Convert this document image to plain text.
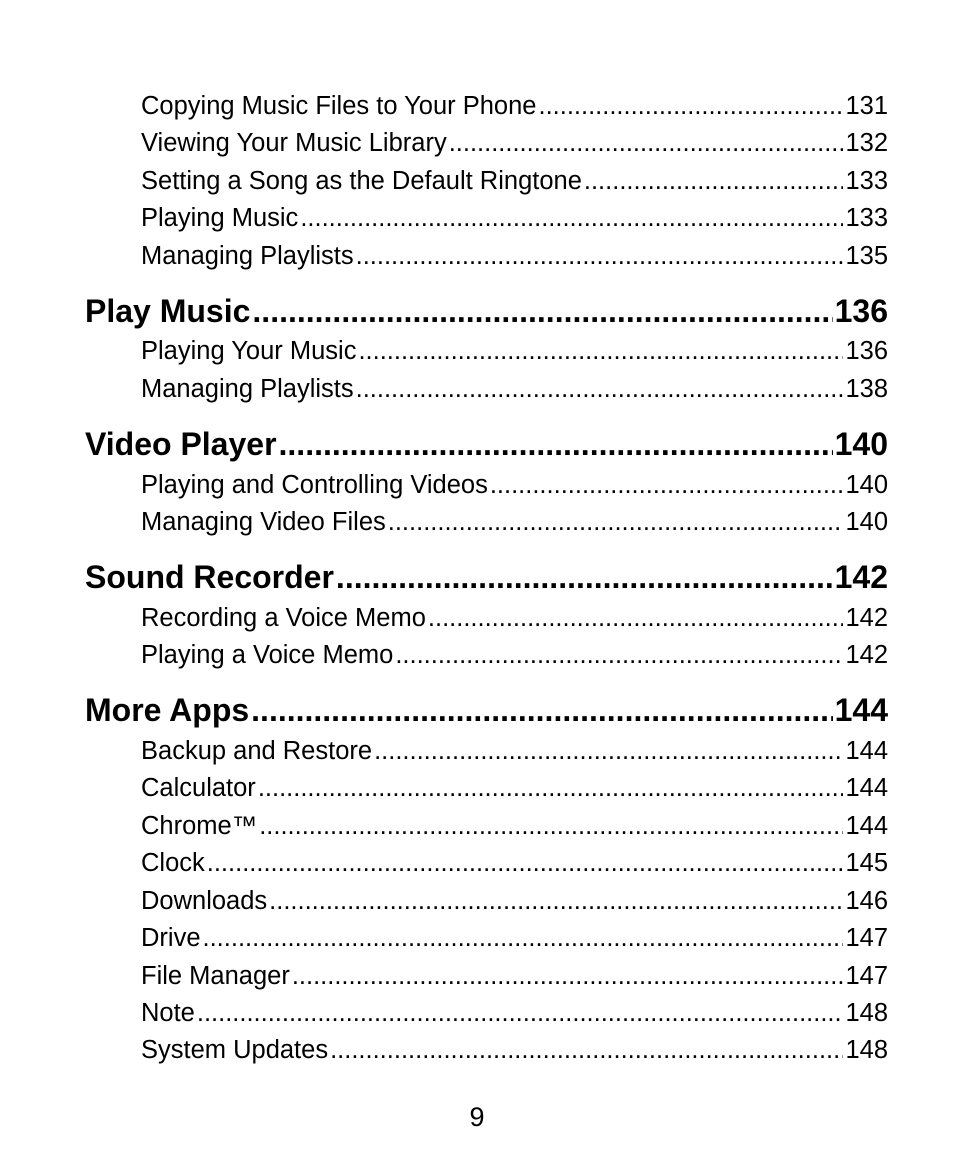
Copying Music Files to Your Phone .....	131
Viewing Your Music Library .....	132
Setting a Song as the Default Ringtone .....	133
Playing Music .....	133
Managing Playlists .....	135
Play Music .....	136
Playing Your Music .....	136
Managing Playlists .....	138
Video Player .....	140
Playing and Controlling Videos .....	140
Managing Video Files .....	140
Sound Recorder .....	142
Recording a Voice Memo .....	142
Playing a Voice Memo .....	142
More Apps .....	144
Backup and Restore .....	144
Calculator .....	144
Chrome™ .....	144
Clock .....	145
Downloads .....	146
Drive .....	147
File Manager .....	147
Note .....	148
System Updates .....	148
9
